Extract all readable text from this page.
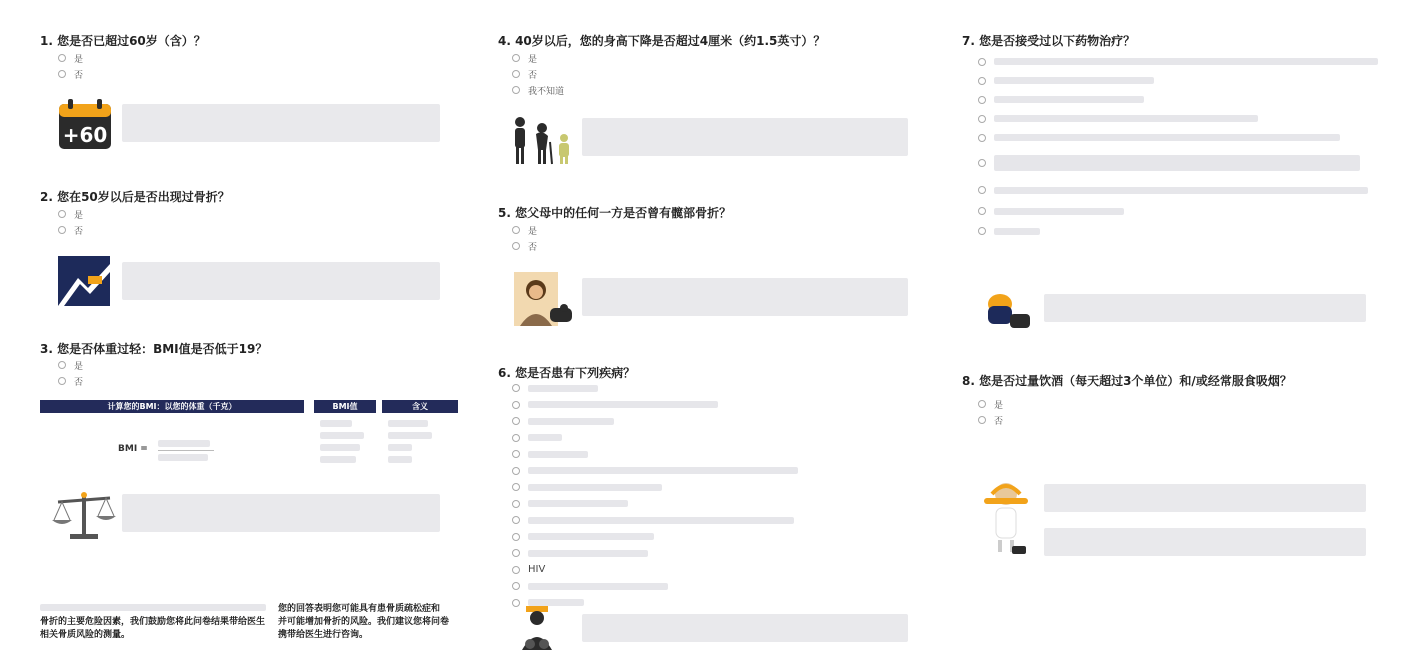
1. 您是否已超过60岁（含）？
是
否
+60
2. 您在50岁以后是否出现过骨折？
是
否
3. 您是否体重过轻：BMI值是否低于19？
是
否
计算您的BMI：以您的体重（千克）	BMI值	含义
BMI =
您的回答表明您可能具有患骨质疏松症和
并可能增加骨折的风险。我们建议您将问卷
携带给医生进行咨询。
骨折的主要危险因素，我们鼓励您将此问卷结果带给医生
相关骨质风险的测量。
4. 40岁以后，您的身高下降是否超过4厘米（约1.5英寸）？
是
否
我不知道
5. 您父母中的任何一方是否曾有髋部骨折？
是
否
6. 您是否患有下列疾病？
HIV
7. 您是否接受过以下药物治疗？
8. 您是否过量饮酒（每天超过3个单位）和/或经常服食吸烟？
是
否
